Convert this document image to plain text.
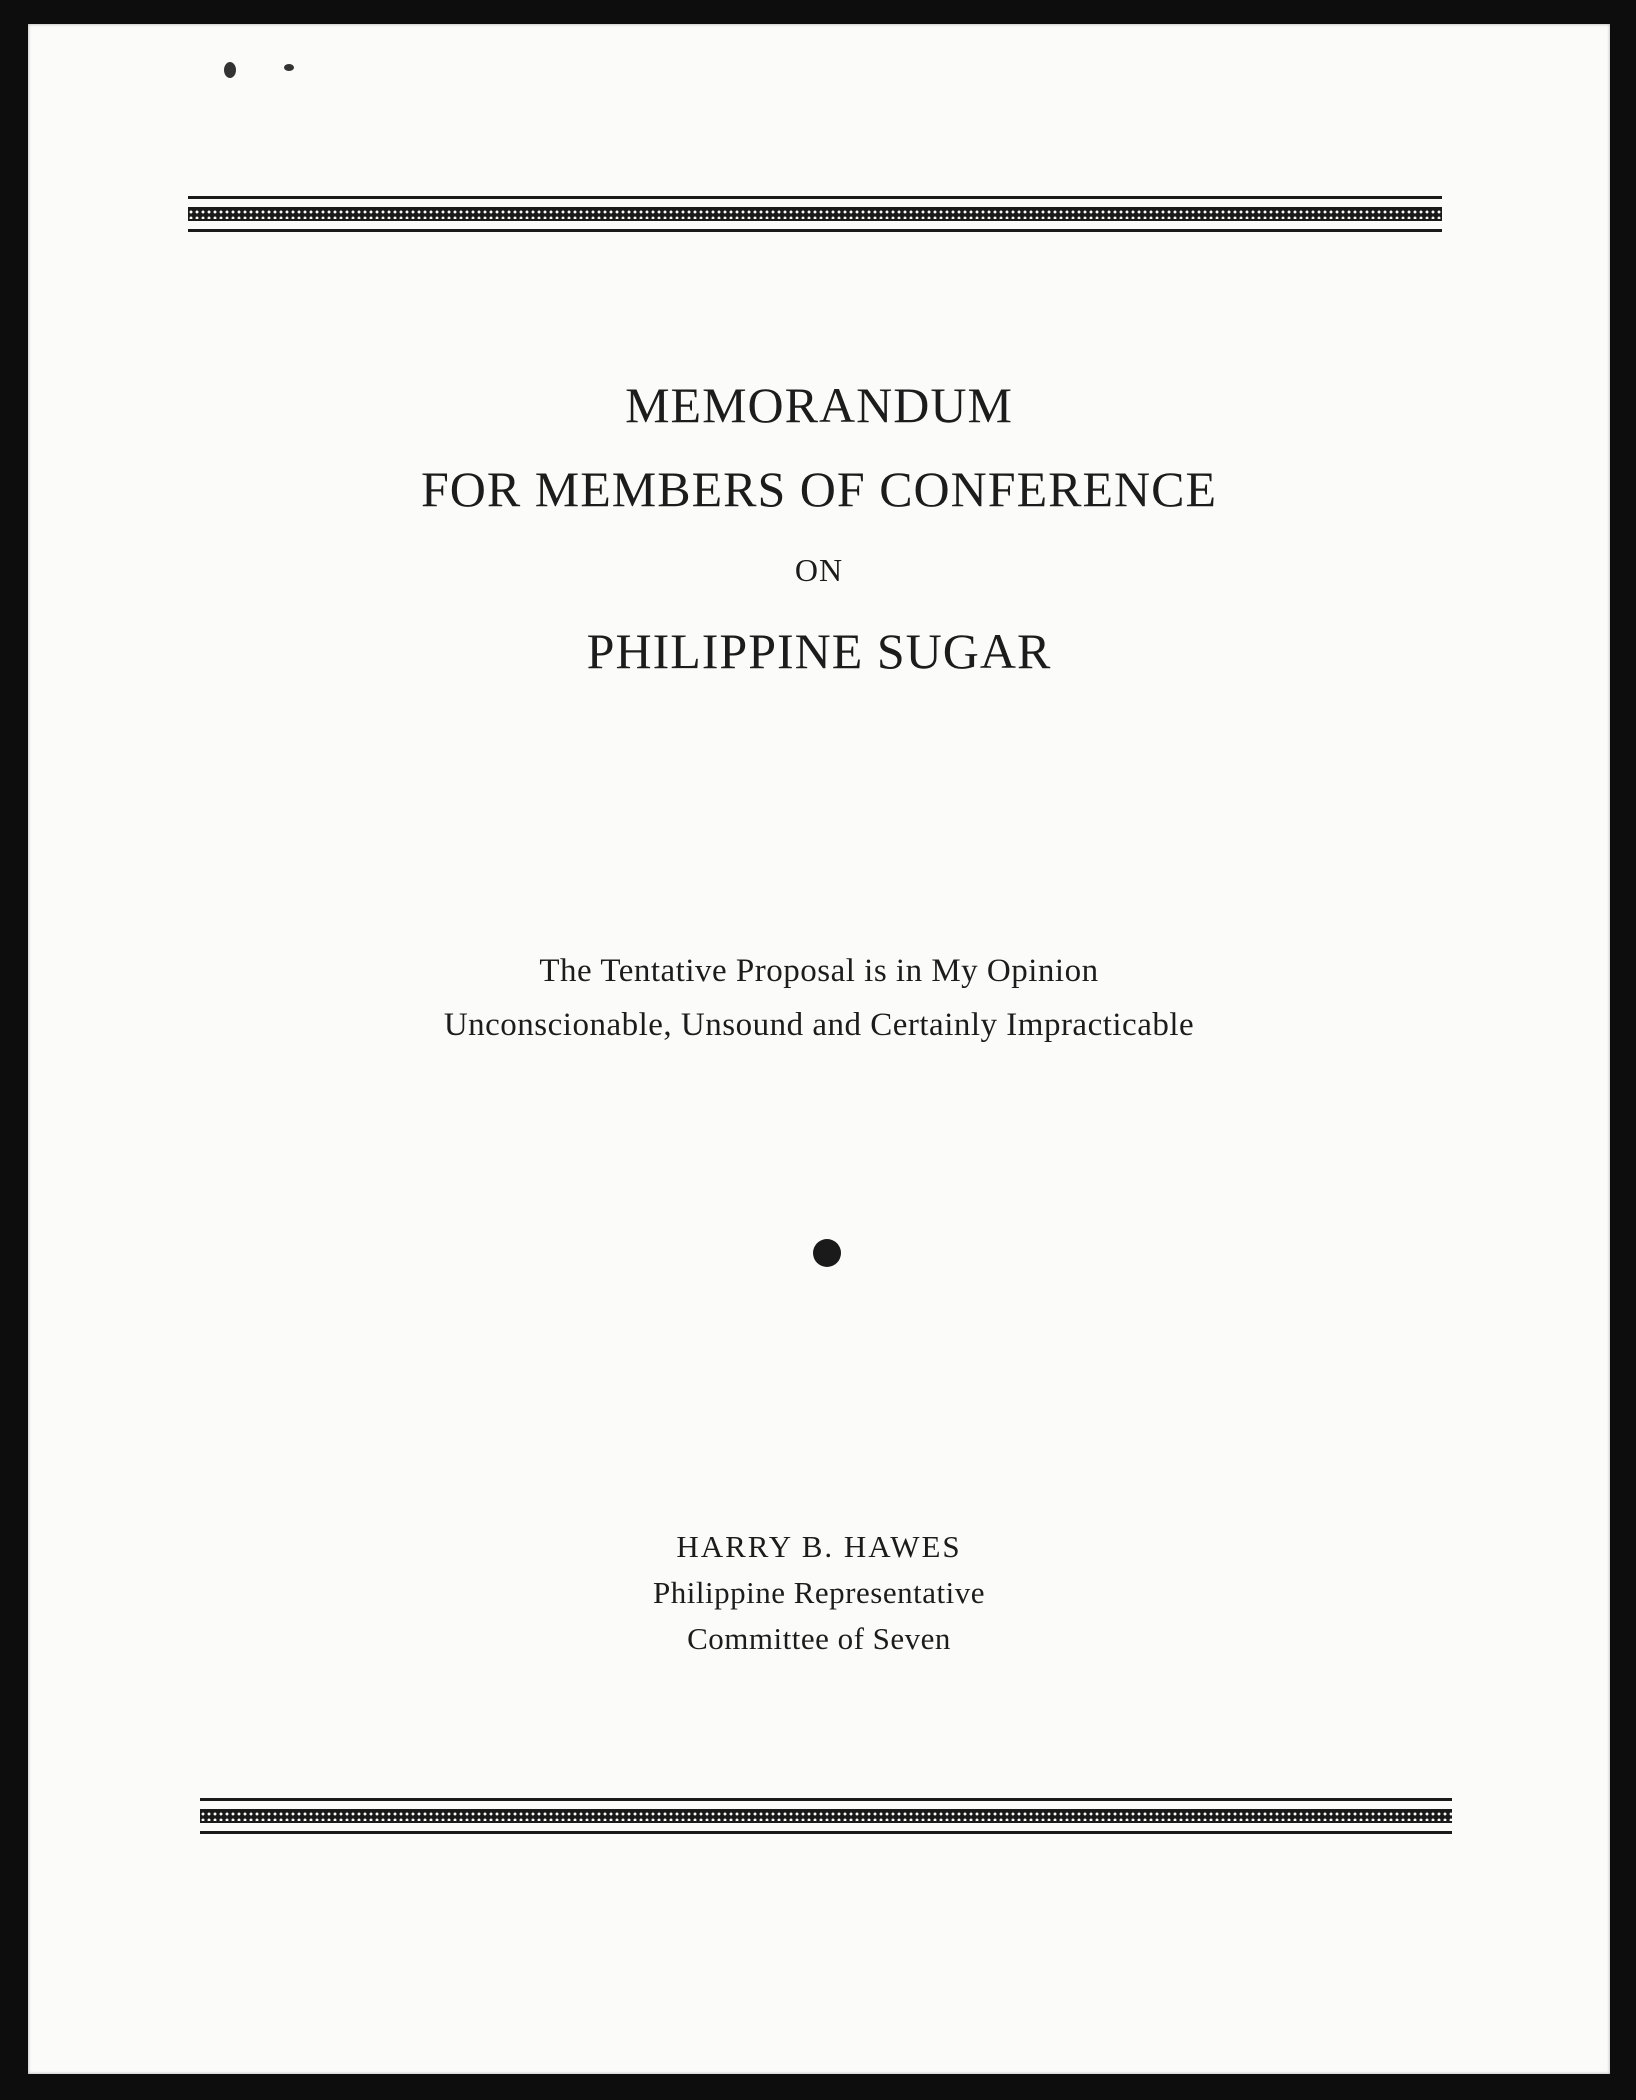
MEMORANDUM
FOR MEMBERS OF CONFERENCE
ON
PHILIPPINE SUGAR
The Tentative Proposal is in My Opinion
Unconscionable, Unsound and Certainly Impracticable
HARRY B. HAWES
Philippine Representative
Committee of Seven
